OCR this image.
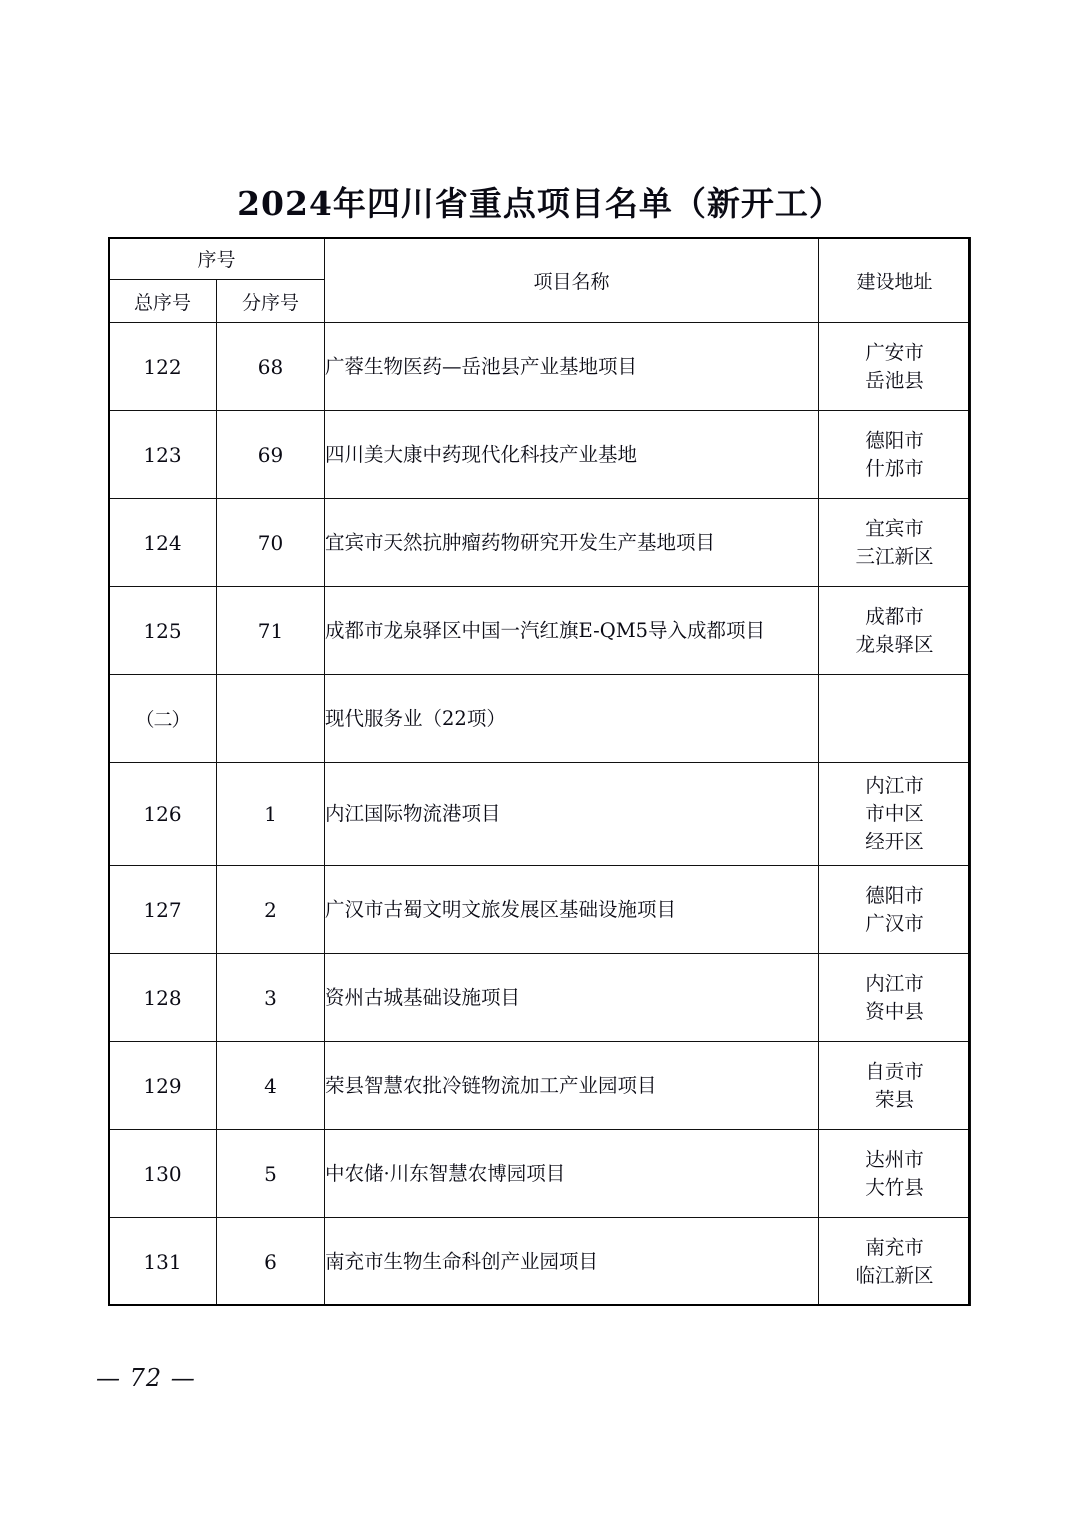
2024年四川省重点项目名单（新开工）
序号		项目名称	建设地址
总序号	分序号		
122	68	广蓉生物医药—岳池县产业基地项目	广安市
岳池县

123	69	四川美大康中药现代化科技产业基地	德阳市
什邡市

124	70	宜宾市天然抗肿瘤药物研究开发生产基地项目	宜宾市
三江新区

125	71	成都市龙泉驿区中国一汽红旗E-QM5导入成都项目	成都市
龙泉驿区

（二）		现代服务业（22项）	
126	1	内江国际物流港项目	内江市
市中区
经开区

127	2	广汉市古蜀文明文旅发展区基础设施项目	德阳市
广汉市

128	3	资州古城基础设施项目	内江市
资中县

129	4	荣县智慧农批冷链物流加工产业园项目	自贡市
荣县

130	5	中农储·川东智慧农博园项目	达州市
大竹县

131	6	南充市生物生命科创产业园项目	南充市
临江新区
— 72 —
